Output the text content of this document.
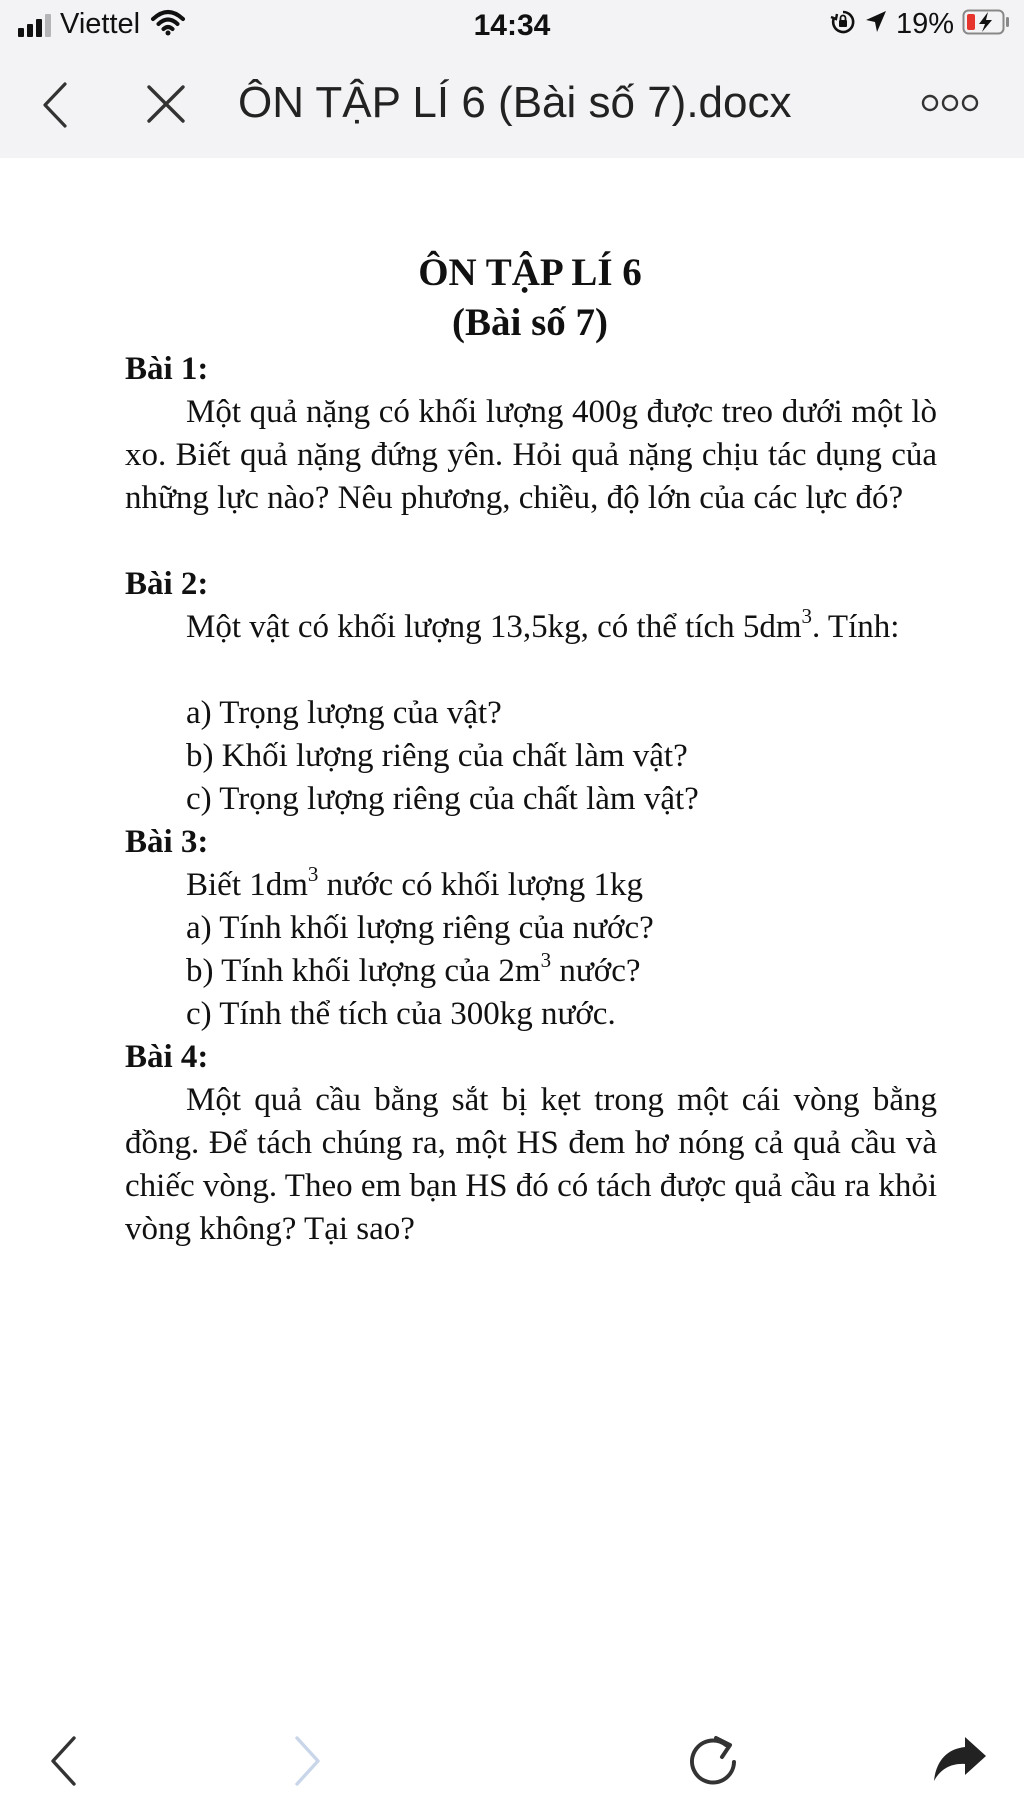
Viettel	14:34	19%
ÔN TẬP LÍ 6 (Bài số 7).docx
ÔN TẬP LÍ 6
(Bài số 7)
Bài 1:
Một quả nặng có khối lượng 400g được treo dưới một lò xo. Biết quả nặng đứng yên. Hỏi quả nặng chịu tác dụng của những lực nào? Nêu phương, chiều, độ lớn của các lực đó?
Bài 2:
Một vật có khối lượng 13,5kg, có thể tích $5dm^3$. Tính:
a) Trọng lượng của vật?
b) Khối lượng riêng của chất làm vật?
c) Trọng lượng riêng của chất làm vật?
Bài 3:
Biết $1dm^3$ nước có khối lượng 1kg
a) Tính khối lượng riêng của nước?
b) Tính khối lượng của $2m^3$ nước?
c) Tính thể tích của 300kg nước.
Bài 4:
Một quả cầu bằng sắt bị kẹt trong một cái vòng bằng đồng. Để tách chúng ra, một HS đem hơ nóng cả quả cầu và chiếc vòng. Theo em bạn HS đó có tách được quả cầu ra khỏi vòng không? Tại sao?
